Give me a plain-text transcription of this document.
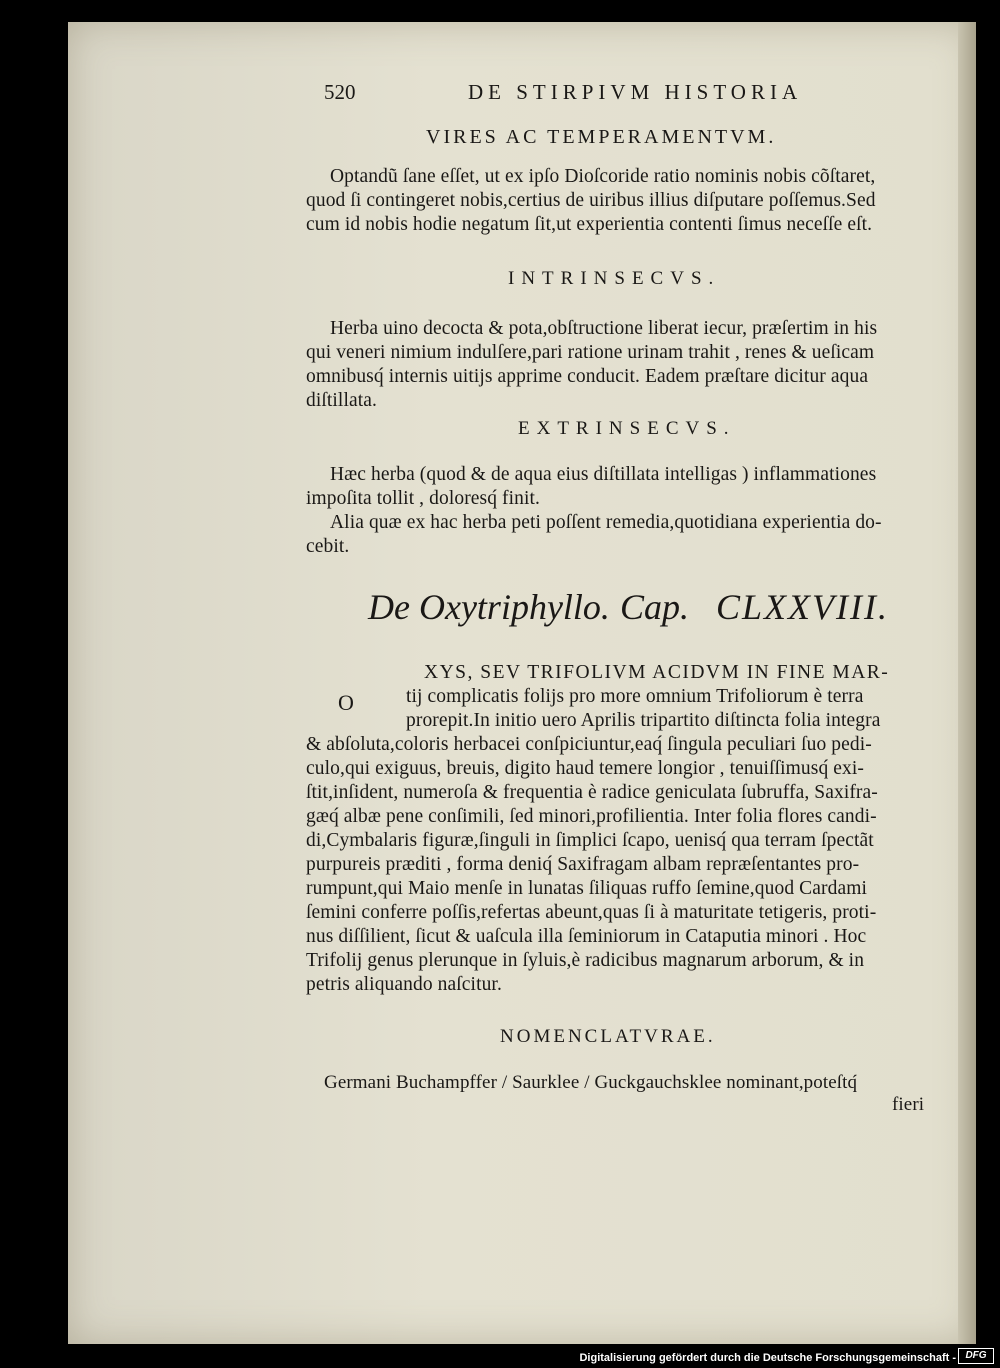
520	DE STIRPIVM HISTORIA
VIRES AC TEMPERAMENTVM.
Optandũ ſane eſſet, ut ex ipſo Dioſcoride ratio nominis nobis cõſtaret,
quod ſi contingeret nobis,certius de uiribus illius diſputare poſſemus.Sed
cum id nobis hodie negatum ſit,ut experientia contenti ſimus neceſſe eſt.
INTRINSECVS.
Herba uino decocta & pota,obſtructione liberat iecur, præſertim in his
qui veneri nimium indulſere,pari ratione urinam trahit , renes & ueſicam
omnibusq́ internis uitijs apprime conducit. Eadem præſtare dicitur aqua
diſtillata.
EXTRINSECVS.
Hæc herba (quod & de aqua eius diſtillata intelligas ) inflammationes
impoſita tollit , doloresq́ finit.
Alia quæ ex hac herba peti poſſent remedia,quotidiana experientia do-
cebit.
De Oxytriphyllo. Cap. CLXXVIII.
O
XYS, SEV TRIFOLIVM ACIDVM IN FINE MAR-
tij complicatis folijs pro more omnium Trifoliorum è terra
prorepit.In initio uero Aprilis tripartito diſtincta folia integra
& abſoluta,coloris herbacei conſpiciuntur,eaq́ ſingula peculiari ſuo pedi-
culo,qui exiguus, breuis, digito haud temere longior , tenuiſſimusq́ exi-
ſtit,inſident, numeroſa & frequentia è radice geniculata ſubruffa, Saxifra-
gæq́ albæ pene conſimili, ſed minori,profilientia. Inter folia flores candi-
di,Cymbalaris figuræ,ſinguli in ſimplici ſcapo, uenisq́ qua terram ſpectãt
purpureis præditi , forma deniq́ Saxifragam albam repræſentantes pro-
rumpunt,qui Maio menſe in lunatas ſiliquas ruffo ſemine,quod Cardami
ſemini conferre poſſis,refertas abeunt,quas ſi à maturitate tetigeris, proti-
nus diſſilient, ſicut & uaſcula illa ſeminiorum in Cataputia minori . Hoc
Trifolij genus plerunque in ſyluis,è radicibus magnarum arborum, & in
petris aliquando naſcitur.
NOMENCLATVRAE.
Germani Buchampffer / Saurklee / Guckgauchsklee nominant,poteſtq́
fieri
Digitalisierung gefördert durch die Deutsche Forschungsgemeinschaft - DFG
